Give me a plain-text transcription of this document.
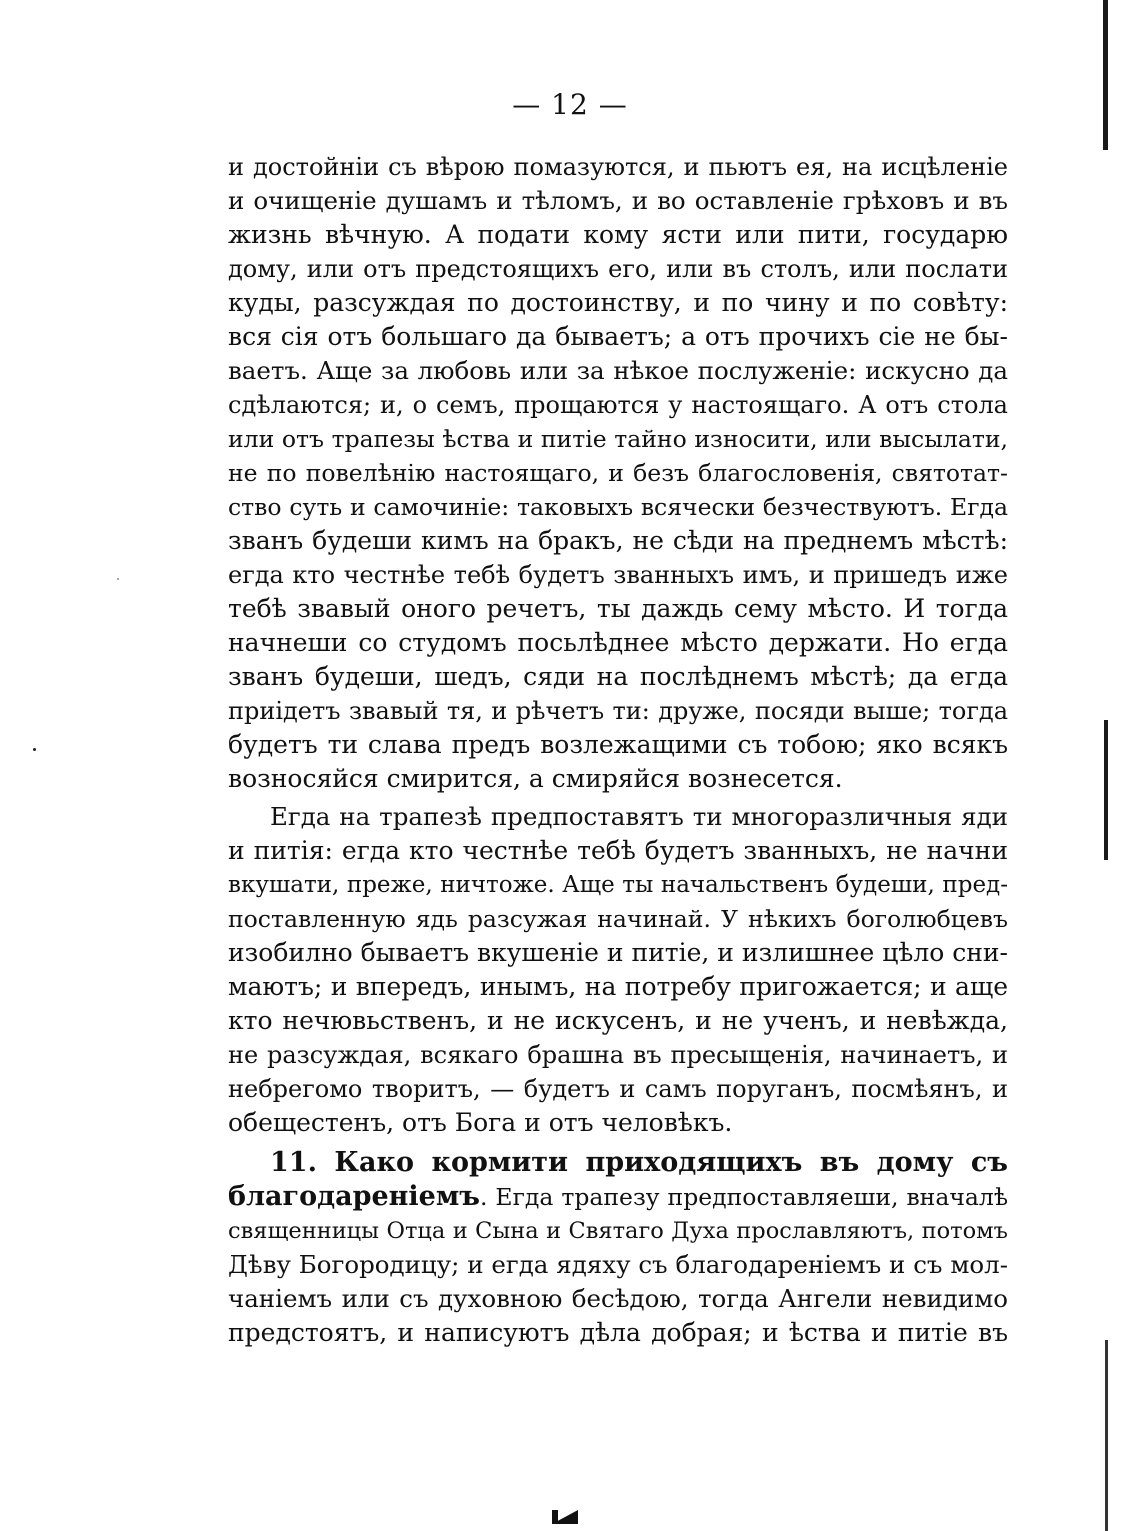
— 12 —
и достойніи съ вѣрою помазуются, и пьютъ ея, на исцѣленіе
и очищеніе душамъ и тѣломъ, и во оставленіе грѣховъ и въ
жизнь вѣчную. А подати кому ясти или пити, государю
дому, или отъ предстоящихъ его, или въ столъ, или послати
куды, разсуждая по достоинству, и по чину и по совѣту:
вся сія отъ большаго да бываетъ; а отъ прочихъ сіе не бы-
ваетъ. Аще за любовь или за нѣкое послуженіе: искусно да
сдѣлаются; и, о семъ, прощаются у настоящаго. А отъ стола
или отъ трапезы ѣства и питіе тайно износити, или высылати,
не по повелѣнію настоящаго, и безъ благословенія, святотат-
ство суть и самочиніе: таковыхъ всячески безчествуютъ. Егда
званъ будеши кимъ на бракъ, не сѣди на преднемъ мѣстѣ:
егда кто честнѣе тебѣ будетъ званныхъ имъ, и пришедъ иже
тебѣ звавый оного речетъ, ты даждь сему мѣсто. И тогда
начнеши со студомъ посьлѣднее мѣсто держати. Но егда
званъ будеши, шедъ, сяди на послѣднемъ мѣстѣ; да егда
приідетъ звавый тя, и рѣчетъ ти: друже, посяди выше; тогда
будетъ ти слава предъ возлежащими съ тобою; яко всякъ
возносяйся смирится, а смиряйся вознесется.
Егда на трапезѣ предпоставятъ ти многоразличныя яди
и питія: егда кто честнѣе тебѣ будетъ званныхъ, не начни
вкушати, преже, ничтоже. Аще ты начальственъ будеши, пред-
поставленную ядь разсужая начинай. У нѣкихъ боголюбцевъ
изобилно бываетъ вкушеніе и питіе, и излишнее цѣло сни-
маютъ; и впередъ, инымъ, на потребу пригожается; и аще
кто нечювьственъ, и не искусенъ, и не ученъ, и невѣжда,
не разсуждая, всякаго брашна въ пресыщенія, начинаетъ, и
небрегомо творитъ, — будетъ и самъ поруганъ, посмѣянъ, и
обещестенъ, отъ Бога и отъ человѣкъ.
11. Како кормити приходящихъ въ дому съ
благодареніемъ. Егда трапезу предпоставляеши, вначалѣ
священницы Отца и Сына и Святаго Духа прославляютъ, потомъ
Дѣву Богородицу; и егда ядяху съ благодареніемъ и съ мол-
чаніемъ или съ духовною бесѣдою, тогда Ангели невидимо
предстоятъ, и написуютъ дѣла добрая; и ѣства и питіе въ
